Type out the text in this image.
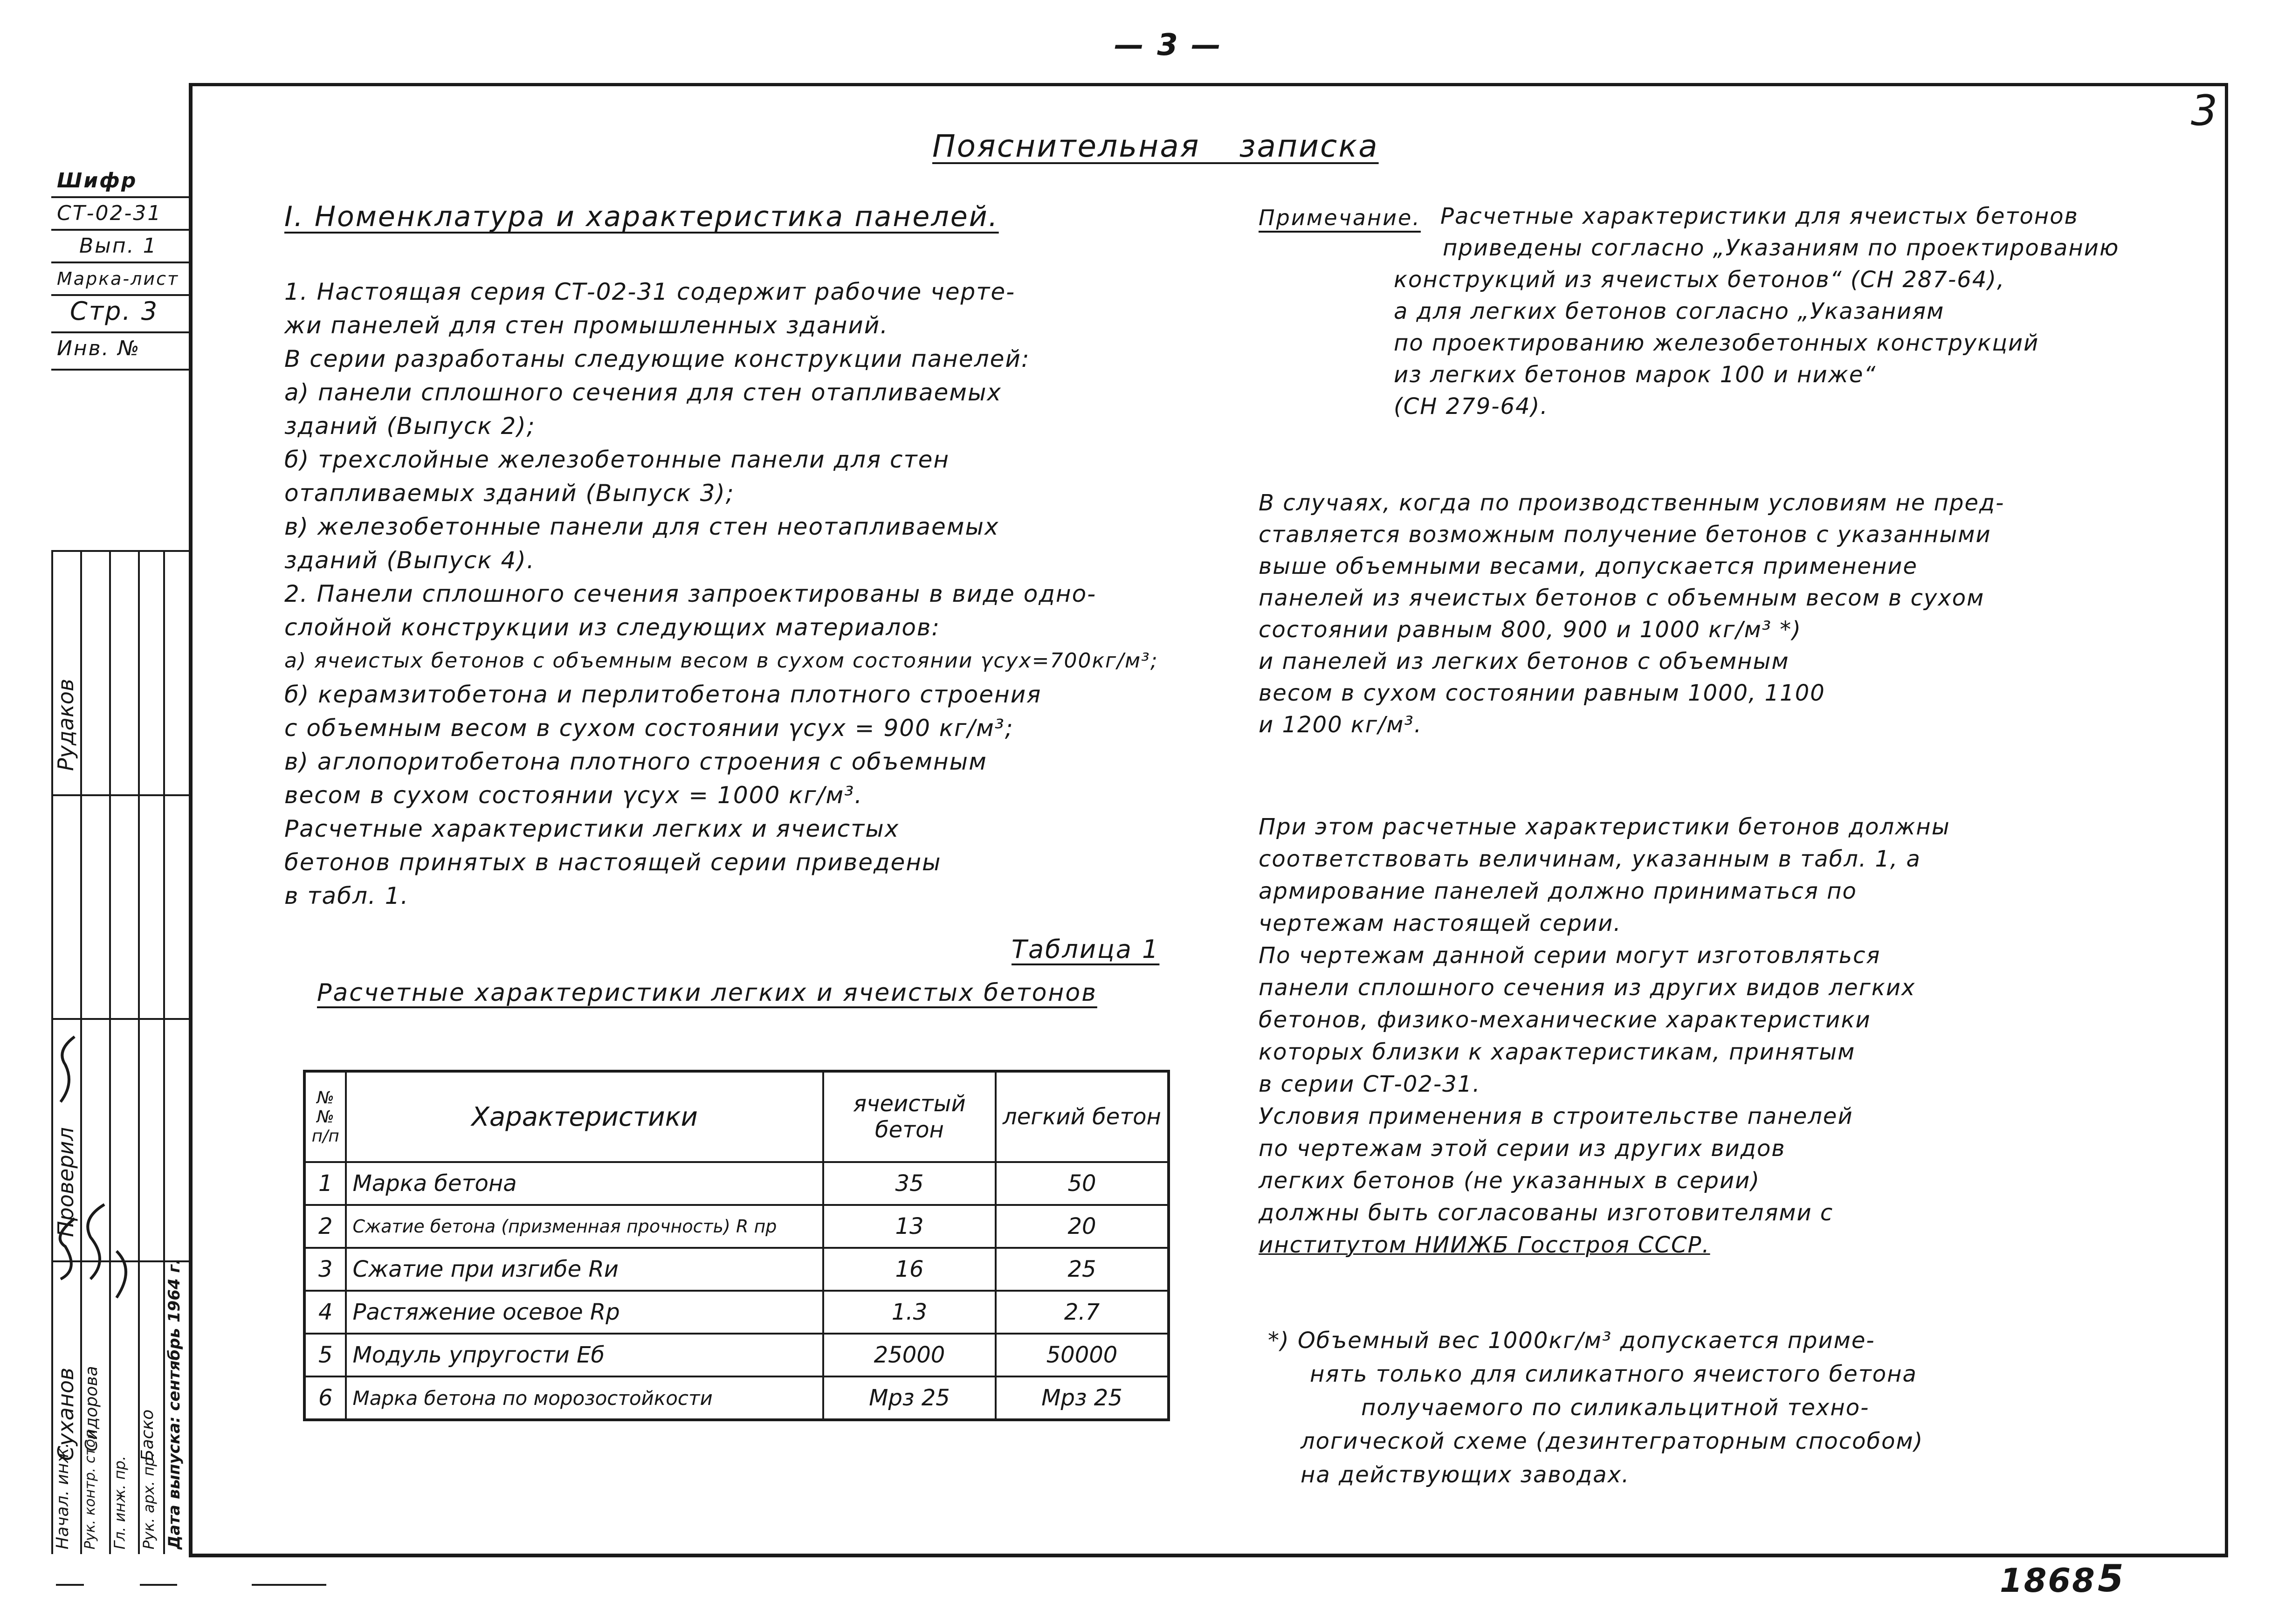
— 3 —
3
Шифр
СТ-02-31
Вып. 1
Марка-лист
Стр. 3
Инв. №
Рудаков
Проверил
Суханов Сидорова Баско
Начал. инж. Рук. контр. стол Гл. инж. пр. Рук. арх. пр. Дата выпуска: сентябрь 1964 г.
Пояснительная записка
I. Номенклатура и характеристика панелей.
1. Настоящая серия СТ-02-31 содержит рабочие черте-
жи панелей для стен промышленных зданий.
В серии разработаны следующие конструкции панелей:
а) панели сплошного сечения для стен отапливаемых
зданий (Выпуск 2);
б) трехслойные железобетонные панели для стен
отапливаемых зданий (Выпуск 3);
в) железобетонные панели для стен неотапливаемых
зданий (Выпуск 4).
2. Панели сплошного сечения запроектированы в виде одно-
слойной конструкции из следующих материалов:
а) ячеистых бетонов с объемным весом в сухом состоянии γсух=700кг/м³;
б) керамзитобетона и перлитобетона плотного строения
с объемным весом в сухом состоянии γсух = 900 кг/м³;
в) аглопоритобетона плотного строения с объемным
весом в сухом состоянии γсух = 1000 кг/м³.
Расчетные характеристики легких и ячеистых
бетонов принятых в настоящей серии приведены
в табл. 1.
Таблица 1
Расчетные характеристики легких и ячеистых бетонов
№№ п/п	Характеристики	ячеистый бетон	легкий бетон
1	Марка бетона	35	50
2	Сжатие бетона (призменная прочность) R пр	13	20
3	Сжатие при изгибе Rи	16	25
4	Растяжение осевое Rр	1.3	2.7
5	Модуль упругости Еб	25000	50000
6	Марка бетона по морозостойкости	Мрз 25	Мрз 25
Примечание. Расчетные характеристики для ячеистых бетонов
приведены согласно „Указаниям по проектированию
конструкций из ячеистых бетонов“ (СН 287-64),
а для легких бетонов согласно „Указаниям
по проектированию железобетонных конструкций
из легких бетонов марок 100 и ниже“
(СН 279-64).
В случаях, когда по производственным условиям не пред-
ставляется возможным получение бетонов с указанными
выше объемными весами, допускается применение
панелей из ячеистых бетонов с объемным весом в сухом
состоянии равным 800, 900 и 1000 кг/м³ *)
и панелей из легких бетонов с объемным
весом в сухом состоянии равным 1000, 1100
и 1200 кг/м³.
При этом расчетные характеристики бетонов должны
соответствовать величинам, указанным в табл. 1, а
армирование панелей должно приниматься по
чертежам настоящей серии.
По чертежам данной серии могут изготовляться
панели сплошного сечения из других видов легких
бетонов, физико-механические характеристики
которых близки к характеристикам, принятым
в серии СТ-02-31.
Условия применения в строительстве панелей
по чертежам этой серии из других видов
легких бетонов (не указанных в серии)
должны быть согласованы изготовителями с
институтом НИИЖБ Госстроя СССР.
*) Объемный вес 1000кг/м³ допускается приме-
нять только для силикатного ячеистого бетона
получаемого по силикальцитной техно-
логической схеме (дезинтеграторным способом)
на действующих заводах.
1868 5
